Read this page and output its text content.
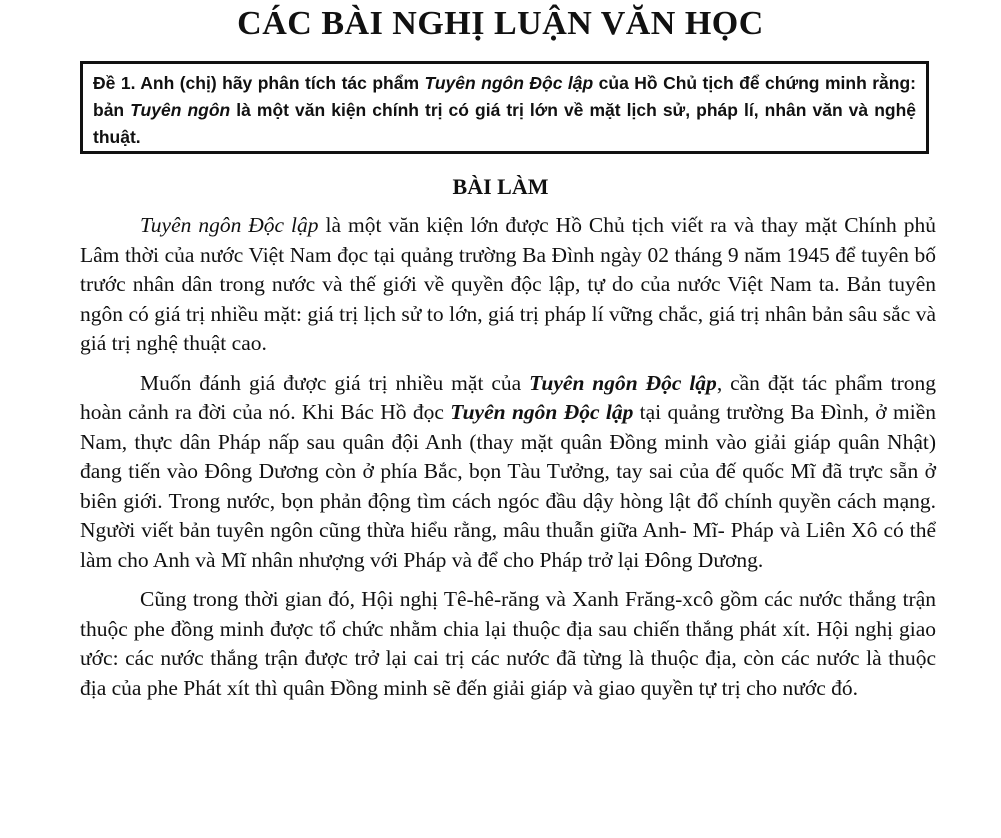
CÁC BÀI NGHỊ LUẬN VĂN HỌC
Đề 1. Anh (chị) hãy phân tích tác phẩm Tuyên ngôn Độc lập của Hồ Chủ tịch để chứng minh rằng: bản Tuyên ngôn là một văn kiện chính trị có giá trị lớn về mặt lịch sử, pháp lí, nhân văn và nghệ thuật.
BÀI LÀM

Tuyên ngôn Độc lập là một văn kiện lớn được Hồ Chủ tịch viết ra và thay mặt Chính phủ Lâm thời của nước Việt Nam đọc tại quảng trường Ba Đình ngày 02 tháng 9 năm 1945 để tuyên bố trước nhân dân trong nước và thế giới về quyền độc lập, tự do của nước Việt Nam ta. Bản tuyên ngôn có giá trị nhiều mặt: giá trị lịch sử to lớn, giá trị pháp lí vững chắc, giá trị nhân bản sâu sắc và giá trị nghệ thuật cao.

Muốn đánh giá được giá trị nhiều mặt của Tuyên ngôn Độc lập, cần đặt tác phẩm trong hoàn cảnh ra đời của nó. Khi Bác Hồ đọc Tuyên ngôn Độc lập tại quảng trường Ba Đình, ở miền Nam, thực dân Pháp nấp sau quân đội Anh (thay mặt quân Đồng minh vào giải giáp quân Nhật) đang tiến vào Đông Dương còn ở phía Bắc, bọn Tàu Tưởng, tay sai của đế quốc Mĩ đã trực sẵn ở biên giới. Trong nước, bọn phản động tìm cách ngóc đầu dậy hòng lật đổ chính quyền cách mạng. Người viết bản tuyên ngôn cũng thừa hiểu rằng, mâu thuẫn giữa Anh- Mĩ- Pháp và Liên Xô có thể làm cho Anh và Mĩ nhân nhượng với Pháp và để cho Pháp trở lại Đông Dương.

Cũng trong thời gian đó, Hội nghị Tê-hê-răng và Xanh Frăng-xcô gồm các nước thắng trận thuộc phe đồng minh được tổ chức nhằm chia lại thuộc địa sau chiến thắng phát xít. Hội nghị giao ước: các nước thắng trận được trở lại cai trị các nước đã từng là thuộc địa, còn các nước là thuộc địa của phe Phát xít thì quân Đồng minh sẽ đến giải giáp và giao quyền tự trị cho nước đó.
